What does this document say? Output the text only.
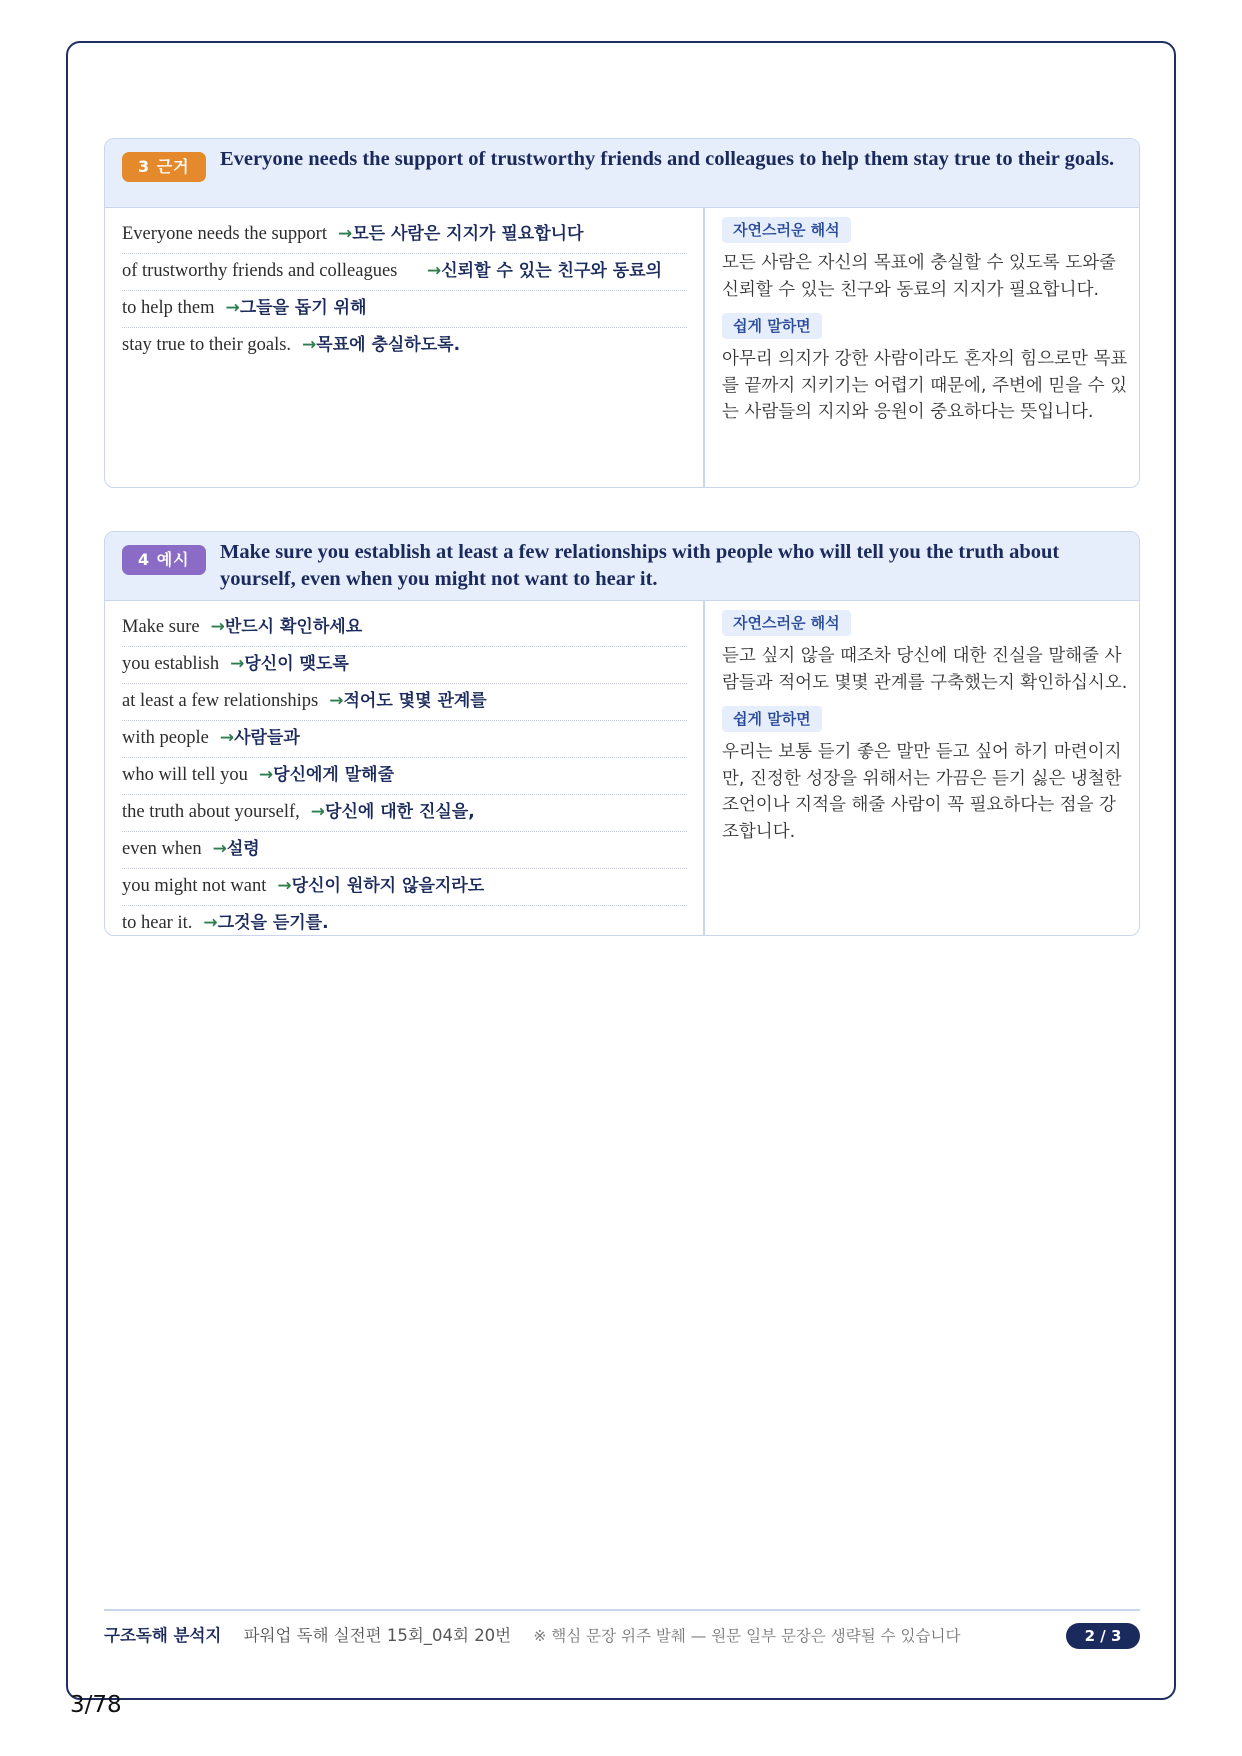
3 근거	Everyone needs the support of trustworthy friends and colleagues to help them stay true to their goals.
Everyone needs the support →모든 사람은 지지가 필요합니다
of trustworthy friends and colleagues	→신뢰할 수 있는 친구와 동료의
to help them →그들을 돕기 위해
stay true to their goals. →목표에 충실하도록.
자연스러운 해석
모든 사람은 자신의 목표에 충실할 수 있도록 도와줄 신뢰할 수 있는 친구와 동료의 지지가 필요합니다.
쉽게 말하면
아무리 의지가 강한 사람이라도 혼자의 힘으로만 목표를 끝까지 지키기는 어렵기 때문에, 주변에 믿을 수 있는 사람들의 지지와 응원이 중요하다는 뜻입니다.
4 예시	Make sure you establish at least a few relationships with people who will tell you the truth about yourself, even when you might not want to hear it.
Make sure →반드시 확인하세요
you establish →당신이 맺도록
at least a few relationships →적어도 몇몇 관계를
with people →사람들과
who will tell you →당신에게 말해줄
the truth about yourself, →당신에 대한 진실을,
even when →설령
you might not want →당신이 원하지 않을지라도
to hear it. →그것을 듣기를.
자연스러운 해석
듣고 싶지 않을 때조차 당신에 대한 진실을 말해줄 사람들과 적어도 몇몇 관계를 구축했는지 확인하십시오.
쉽게 말하면
우리는 보통 듣기 좋은 말만 듣고 싶어 하기 마련이지만, 진정한 성장을 위해서는 가끔은 듣기 싫은 냉철한 조언이나 지적을 해줄 사람이 꼭 필요하다는 점을 강조합니다.
구조독해 분석지 파워업 독해 실전편 15회_04회 20번 ※ 핵심 문장 위주 발췌 — 원문 일부 문장은 생략될 수 있습니다	2 / 3
3/78
